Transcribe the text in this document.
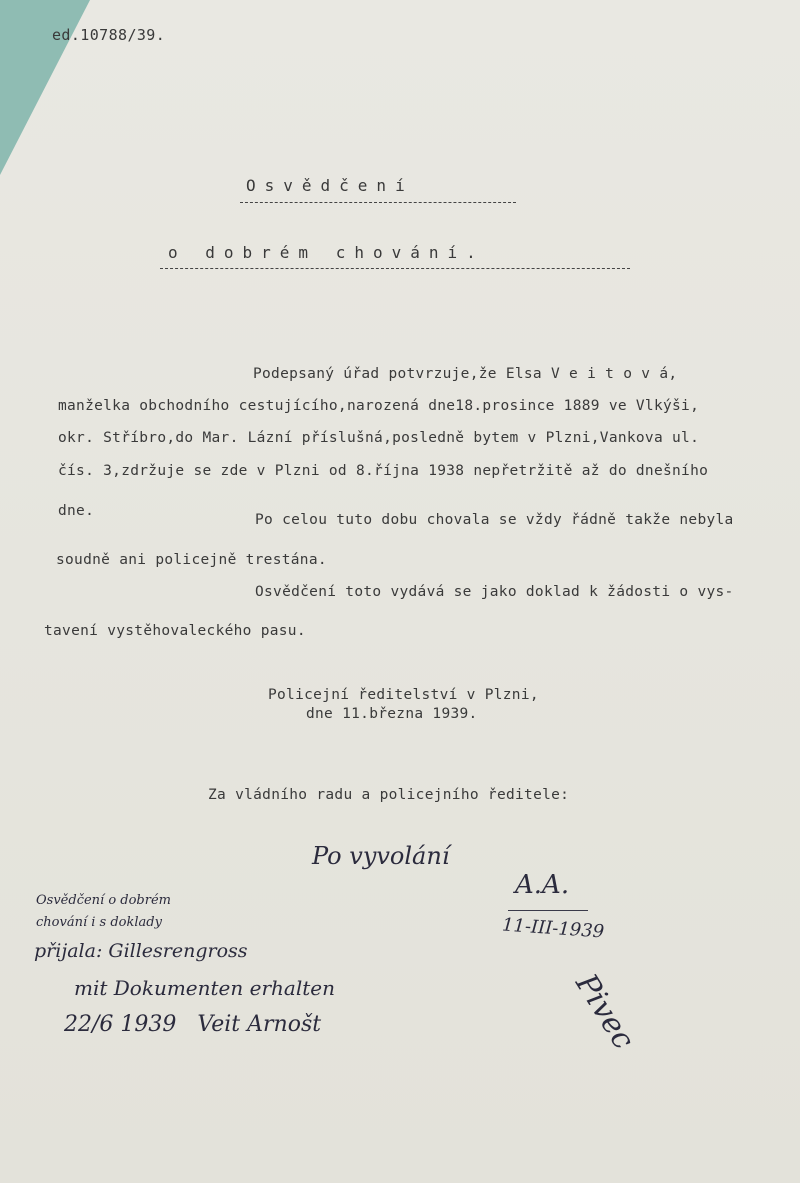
ed.10788/39.
Osvědčení
o dobrém chování.
Podepsaný úřad potvrzuje,že Elsa V e i t o v á,
manželka obchodního cestujícího,narozená dne18.prosince 1889 ve Vlkýši,
okr. Stříbro,do Mar. Lázní příslušná,posledně bytem v Plzni,Vankova ul.
čís. 3,zdržuje se zde v Plzni od 8.října 1938 nepřetržitě až do dnešního
dne.
Po celou tuto dobu chovala se vždy řádně takže nebyla
soudně ani policejně trestána.
Osvědčení toto vydává se jako doklad k žádosti o vys-
tavení vystěhovaleckého pasu.
Policejní ředitelství v Plzni,
dne 11.března 1939.
Za vládního radu a policejního ředitele:
Po vyvolání
A.A.
11-III-1939
Pivec
Osvědčení o dobrém
chování i s doklady
přijala: Gillesrengross
mit Dokumenten erhalten
22/6 1939   Veit Arnošt
